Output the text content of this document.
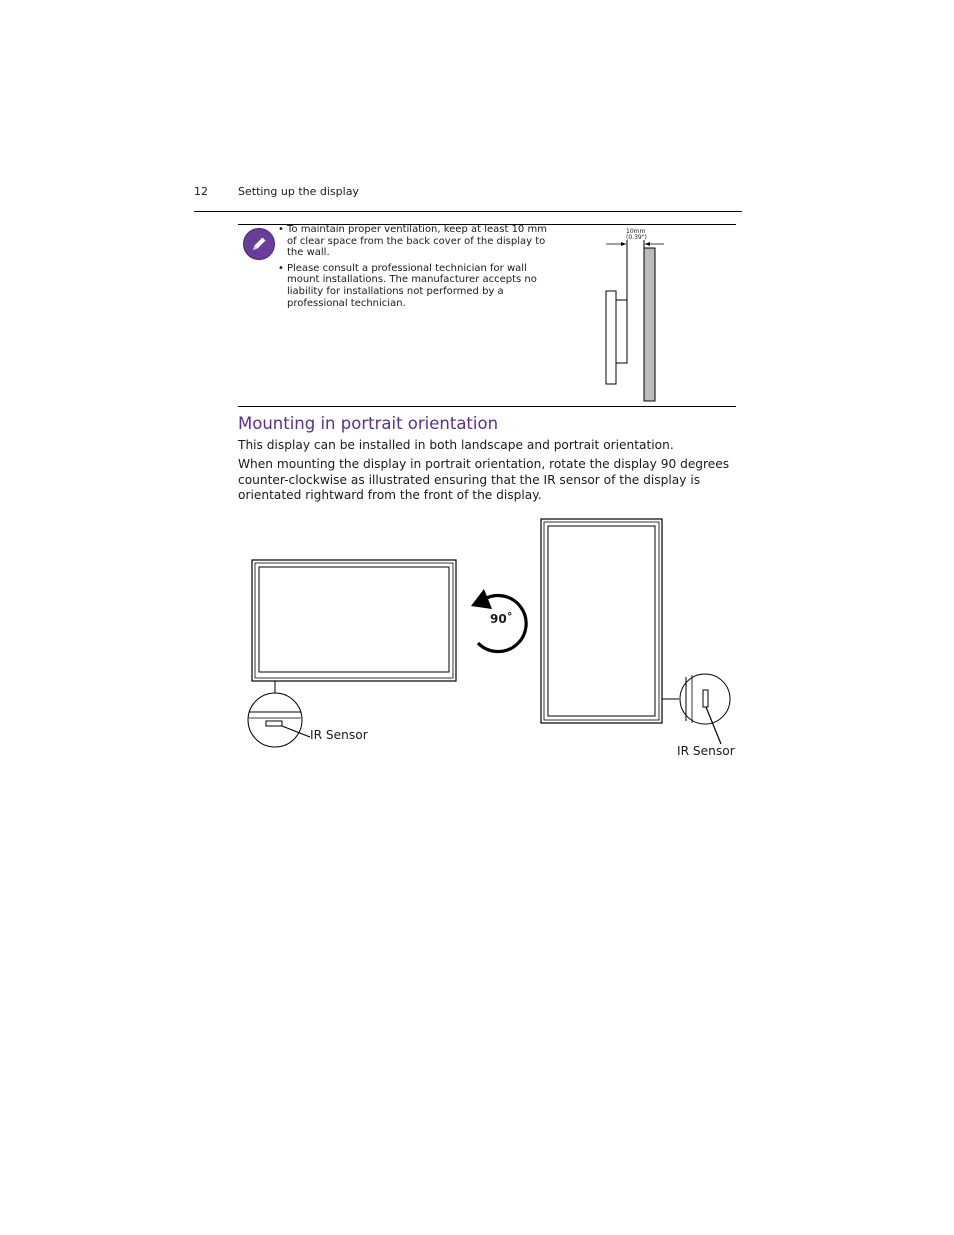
12	Setting up the display
• To maintain proper ventilation, keep at least 10 mm of clear space from the back cover of the display to the wall.
• Please consult a professional technician for wall mount installations. The manufacturer accepts no liability for installations not performed by a professional technician.
10mm
(0.39")
Mounting in portrait orientation

This display can be installed in both landscape and portrait orientation.

When mounting the display in portrait orientation, rotate the display 90 degrees counter-clockwise as illustrated ensuring that the IR sensor of the display is orientated rightward from the front of the display.

90˚
IR Sensor
IR Sensor
